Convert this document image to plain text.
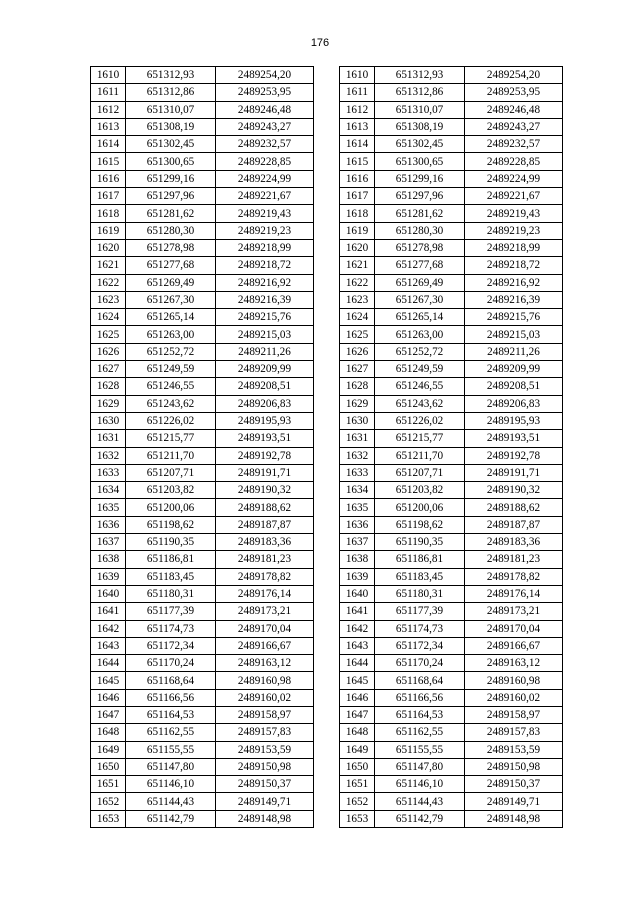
176
1610	651312,93	2489254,20
1611	651312,86	2489253,95
1612	651310,07	2489246,48
1613	651308,19	2489243,27
1614	651302,45	2489232,57
1615	651300,65	2489228,85
1616	651299,16	2489224,99
1617	651297,96	2489221,67
1618	651281,62	2489219,43
1619	651280,30	2489219,23
1620	651278,98	2489218,99
1621	651277,68	2489218,72
1622	651269,49	2489216,92
1623	651267,30	2489216,39
1624	651265,14	2489215,76
1625	651263,00	2489215,03
1626	651252,72	2489211,26
1627	651249,59	2489209,99
1628	651246,55	2489208,51
1629	651243,62	2489206,83
1630	651226,02	2489195,93
1631	651215,77	2489193,51
1632	651211,70	2489192,78
1633	651207,71	2489191,71
1634	651203,82	2489190,32
1635	651200,06	2489188,62
1636	651198,62	2489187,87
1637	651190,35	2489183,36
1638	651186,81	2489181,23
1639	651183,45	2489178,82
1640	651180,31	2489176,14
1641	651177,39	2489173,21
1642	651174,73	2489170,04
1643	651172,34	2489166,67
1644	651170,24	2489163,12
1645	651168,64	2489160,98
1646	651166,56	2489160,02
1647	651164,53	2489158,97
1648	651162,55	2489157,83
1649	651155,55	2489153,59
1650	651147,80	2489150,98
1651	651146,10	2489150,37
1652	651144,43	2489149,71
1653	651142,79	2489148,98
1610	651312,93	2489254,20
1611	651312,86	2489253,95
1612	651310,07	2489246,48
1613	651308,19	2489243,27
1614	651302,45	2489232,57
1615	651300,65	2489228,85
1616	651299,16	2489224,99
1617	651297,96	2489221,67
1618	651281,62	2489219,43
1619	651280,30	2489219,23
1620	651278,98	2489218,99
1621	651277,68	2489218,72
1622	651269,49	2489216,92
1623	651267,30	2489216,39
1624	651265,14	2489215,76
1625	651263,00	2489215,03
1626	651252,72	2489211,26
1627	651249,59	2489209,99
1628	651246,55	2489208,51
1629	651243,62	2489206,83
1630	651226,02	2489195,93
1631	651215,77	2489193,51
1632	651211,70	2489192,78
1633	651207,71	2489191,71
1634	651203,82	2489190,32
1635	651200,06	2489188,62
1636	651198,62	2489187,87
1637	651190,35	2489183,36
1638	651186,81	2489181,23
1639	651183,45	2489178,82
1640	651180,31	2489176,14
1641	651177,39	2489173,21
1642	651174,73	2489170,04
1643	651172,34	2489166,67
1644	651170,24	2489163,12
1645	651168,64	2489160,98
1646	651166,56	2489160,02
1647	651164,53	2489158,97
1648	651162,55	2489157,83
1649	651155,55	2489153,59
1650	651147,80	2489150,98
1651	651146,10	2489150,37
1652	651144,43	2489149,71
1653	651142,79	2489148,98
